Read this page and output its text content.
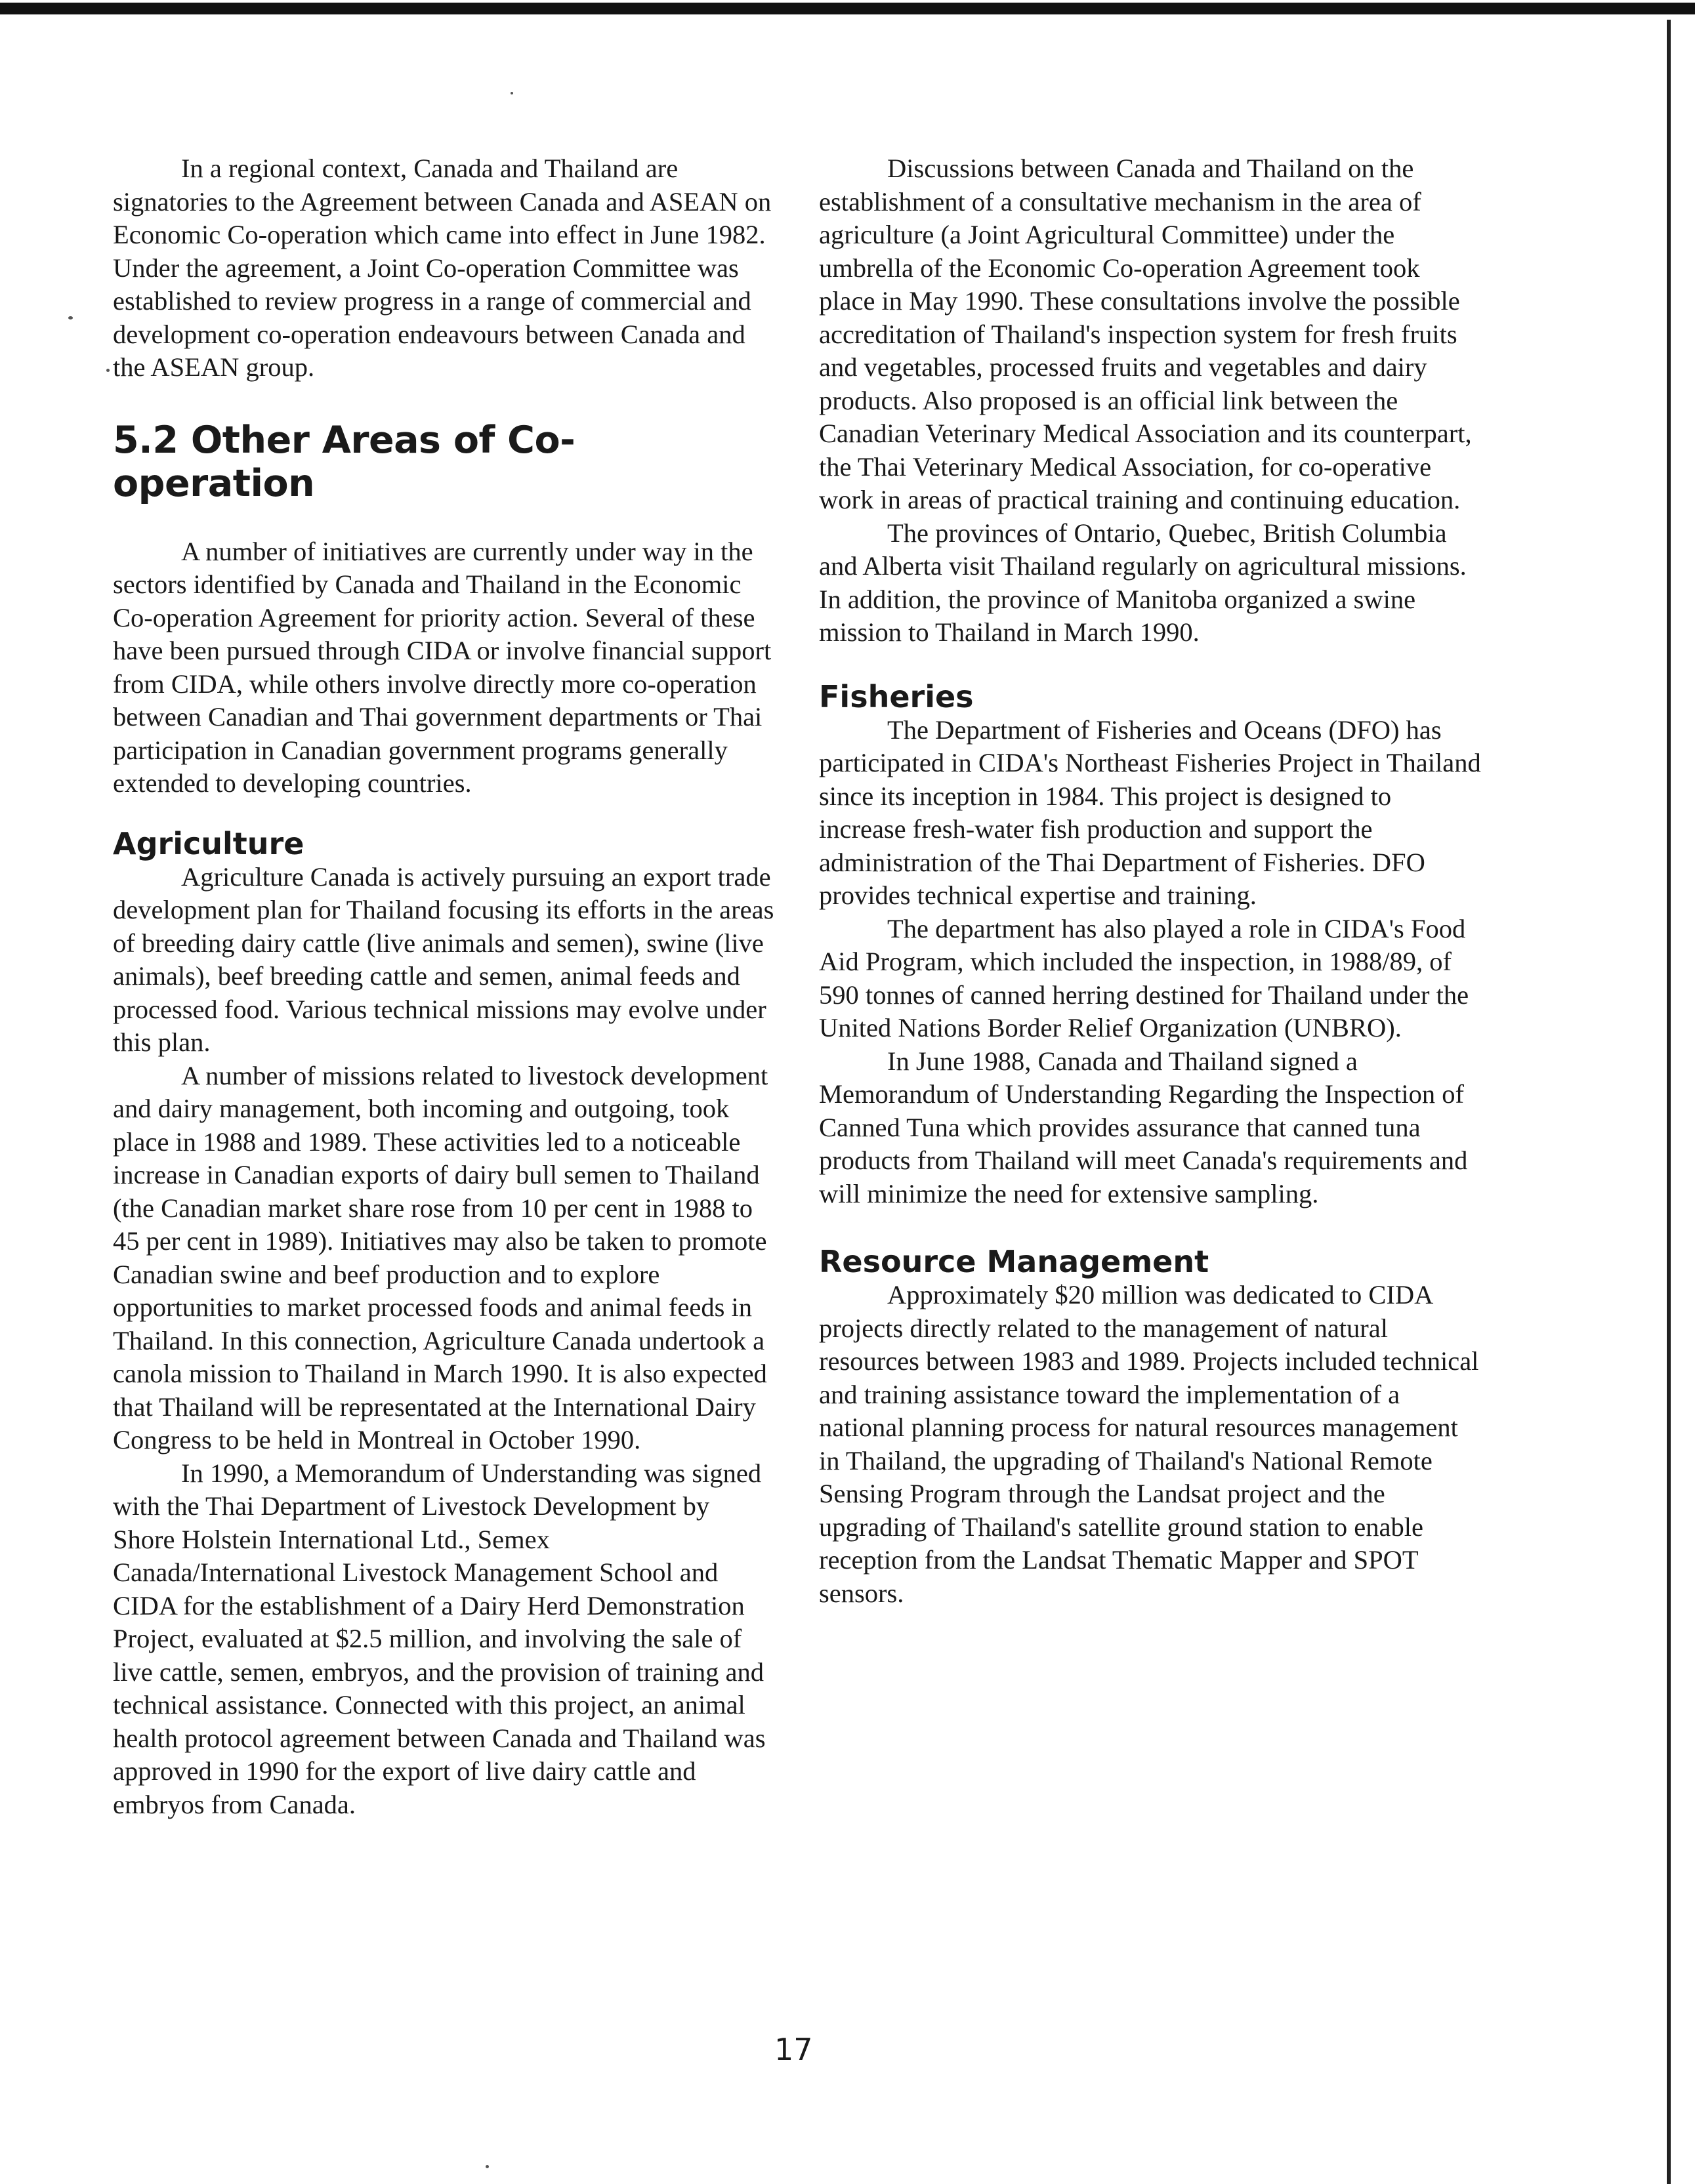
In a regional context, Canada and Thailand are signatories to the Agreement between Canada and ASEAN on Economic Co-operation which came into effect in June 1982. Under the agreement, a Joint Co-operation Committee was established to review progress in a range of commercial and development co-operation endeavours between Canada and the ASEAN group.

5.2 Other Areas of Co-operation

A number of initiatives are currently under way in the sectors identified by Canada and Thailand in the Economic Co-operation Agreement for priority action. Several of these have been pursued through CIDA or involve financial support from CIDA, while others involve directly more co-operation between Canadian and Thai government departments or Thai participation in Canadian government programs generally extended to developing countries.

Agriculture

Agriculture Canada is actively pursuing an export trade development plan for Thailand focusing its efforts in the areas of breeding dairy cattle (live animals and semen), swine (live animals), beef breeding cattle and semen, animal feeds and processed food. Various technical missions may evolve under this plan.

A number of missions related to livestock development and dairy management, both incoming and outgoing, took place in 1988 and 1989. These activities led to a noticeable increase in Canadian exports of dairy bull semen to Thailand (the Canadian market share rose from 10 per cent in 1988 to 45 per cent in 1989). Initiatives may also be taken to promote Canadian swine and beef production and to explore opportunities to market processed foods and animal feeds in Thailand. In this connection, Agriculture Canada undertook a canola mission to Thailand in March 1990. It is also expected that Thailand will be representated at the International Dairy Congress to be held in Montreal in October 1990.

In 1990, a Memorandum of Understanding was signed with the Thai Department of Livestock Development by Shore Holstein International Ltd., Semex Canada/International Livestock Management School and CIDA for the establishment of a Dairy Herd Demonstration Project, evaluated at $2.5 million, and involving the sale of live cattle, semen, embryos, and the provision of training and technical assistance. Connected with this project, an animal health protocol agreement between Canada and Thailand was approved in 1990 for the export of live dairy cattle and embryos from Canada.

Discussions between Canada and Thailand on the establishment of a consultative mechanism in the area of agriculture (a Joint Agricultural Committee) under the umbrella of the Economic Co-operation Agreement took place in May 1990. These consultations involve the possible accreditation of Thailand's inspection system for fresh fruits and vegetables, processed fruits and vegetables and dairy products. Also proposed is an official link between the Canadian Veterinary Medical Association and its counterpart, the Thai Veterinary Medical Association, for co-operative work in areas of practical training and continuing education.

The provinces of Ontario, Quebec, British Columbia and Alberta visit Thailand regularly on agricultural missions. In addition, the province of Manitoba organized a swine mission to Thailand in March 1990.

Fisheries

The Department of Fisheries and Oceans (DFO) has participated in CIDA's Northeast Fisheries Project in Thailand since its inception in 1984. This project is designed to increase fresh-water fish production and support the administration of the Thai Department of Fisheries. DFO provides technical expertise and training.

The department has also played a role in CIDA's Food Aid Program, which included the inspection, in 1988/89, of 590 tonnes of canned herring destined for Thailand under the United Nations Border Relief Organization (UNBRO).

In June 1988, Canada and Thailand signed a Memorandum of Understanding Regarding the Inspection of Canned Tuna which provides assurance that canned tuna products from Thailand will meet Canada's requirements and will minimize the need for extensive sampling.

Resource Management

Approximately $20 million was dedicated to CIDA projects directly related to the management of natural resources between 1983 and 1989. Projects included technical and training assistance toward the implementation of a national planning process for natural resources management in Thailand, the upgrading of Thailand's National Remote Sensing Program through the Landsat project and the upgrading of Thailand's satellite ground station to enable reception from the Landsat Thematic Mapper and SPOT sensors.

17
